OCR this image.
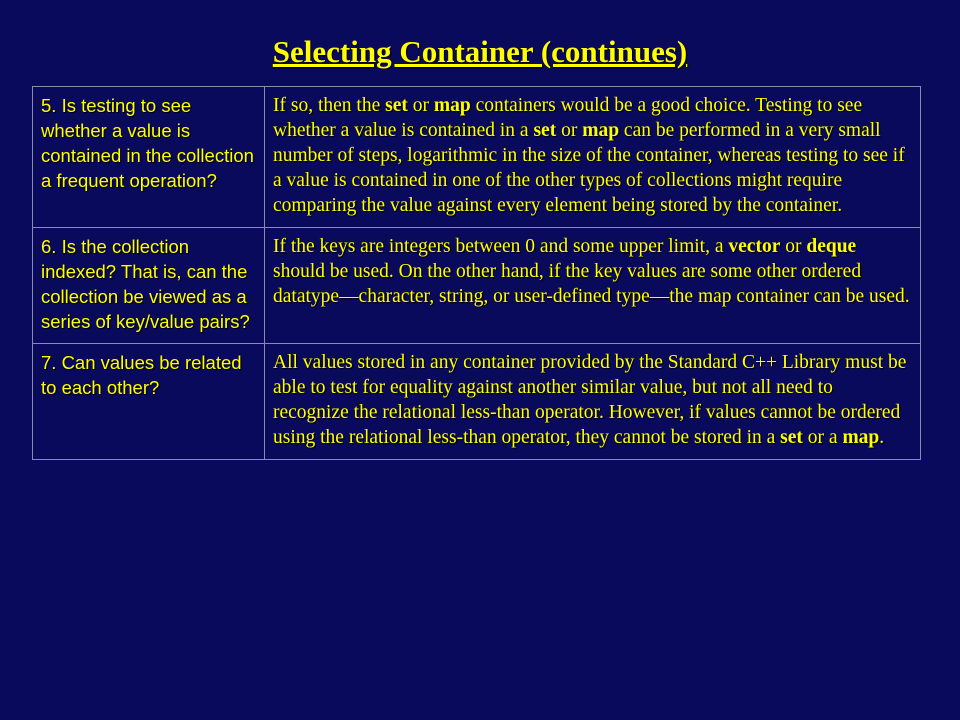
Selecting Container (continues)
5. Is testing to see whether a value is contained in the collection a frequent operation?	If so, then the set or map containers would be a good choice. Testing to see whether a value is contained in a set or map can be performed in a very small number of steps, logarithmic in the size of the container, whereas testing to see if a value is contained in one of the other types of collections might require comparing the value against every element being stored by the container.
6. Is the collection indexed? That is, can the collection be viewed as a series of key/value pairs?	If the keys are integers between 0 and some upper limit, a vector or deque should be used. On the other hand, if the key values are some other ordered datatype—character, string, or user-defined type—the map container can be used.
7. Can values be related to each other?	All values stored in any container provided by the Standard C++ Library must be able to test for equality against another similar value, but not all need to recognize the relational less-than operator. However, if values cannot be ordered using the relational less-than operator, they cannot be stored in a set or a map.
